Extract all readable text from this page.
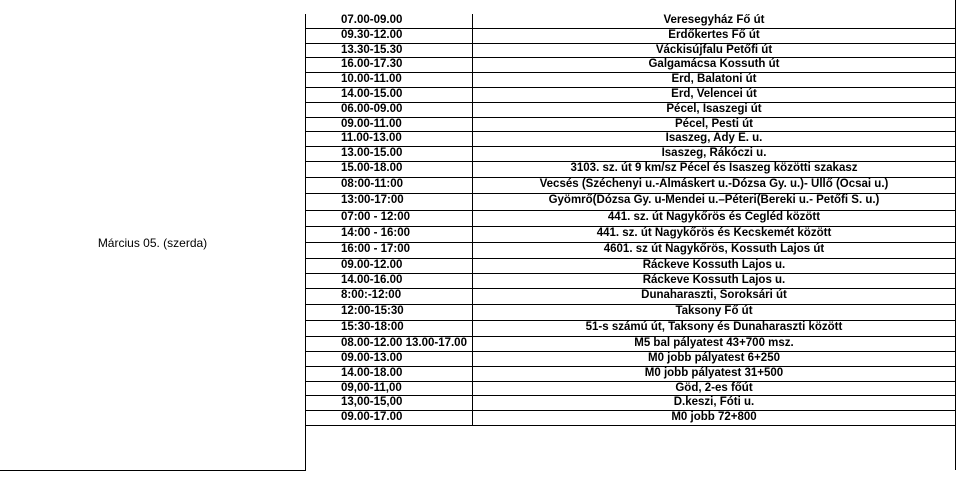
Március 05. (szerda)
07.00-09.00	Veresegyház Fő út
09.30-12.00	Erdőkertes Fő út
13.30-15.30	Váckisújfalu Petőfi út
16.00-17.30	Galgamácsa Kossuth út
10.00-11.00	Érd, Balatoni út
14.00-15.00	Érd, Velencei út
06.00-09.00	Pécel, Isaszegi út
09.00-11.00	Pécel, Pesti út
11.00-13.00	Isaszeg, Ady E. u.
13.00-15.00	Isaszeg, Rákóczi u.
15.00-18.00	3103. sz. út 9 km/sz Pécel és Isaszeg közötti szakasz
08:00-11:00	Vecsés (Széchenyi u.-Almáskert u.-Dózsa Gy. u.)- Üllő (Ocsai u.)
13:00-17:00	Gyömrő(Dózsa Gy. u-Mendei u.–Péteri(Bereki u.- Petőfi S. u.)
07:00 - 12:00	441. sz. út Nagykőrös és Cegléd között
14:00 - 16:00	441. sz. út Nagykőrös és Kecskemét között
16:00 - 17:00	4601. sz út Nagykőrös, Kossuth Lajos út
09.00-12.00	Ráckeve Kossuth Lajos u.
14.00-16.00	Ráckeve Kossuth Lajos u.
8:00:-12:00	Dunaharaszti, Soroksári út
12:00-15:30	Taksony Fő út
15:30-18:00	51-s számú út, Taksony és Dunaharaszti között
08.00-12.00 13.00-17.00	M5 bal pályatest 43+700 msz.
09.00-13.00	M0 jobb pályatest 6+250
14.00-18.00	M0 jobb pályatest 31+500
09,00-11,00	Göd, 2-es főút
13,00-15,00	D.keszi, Fóti u.
09.00-17.00	M0 jobb 72+800
